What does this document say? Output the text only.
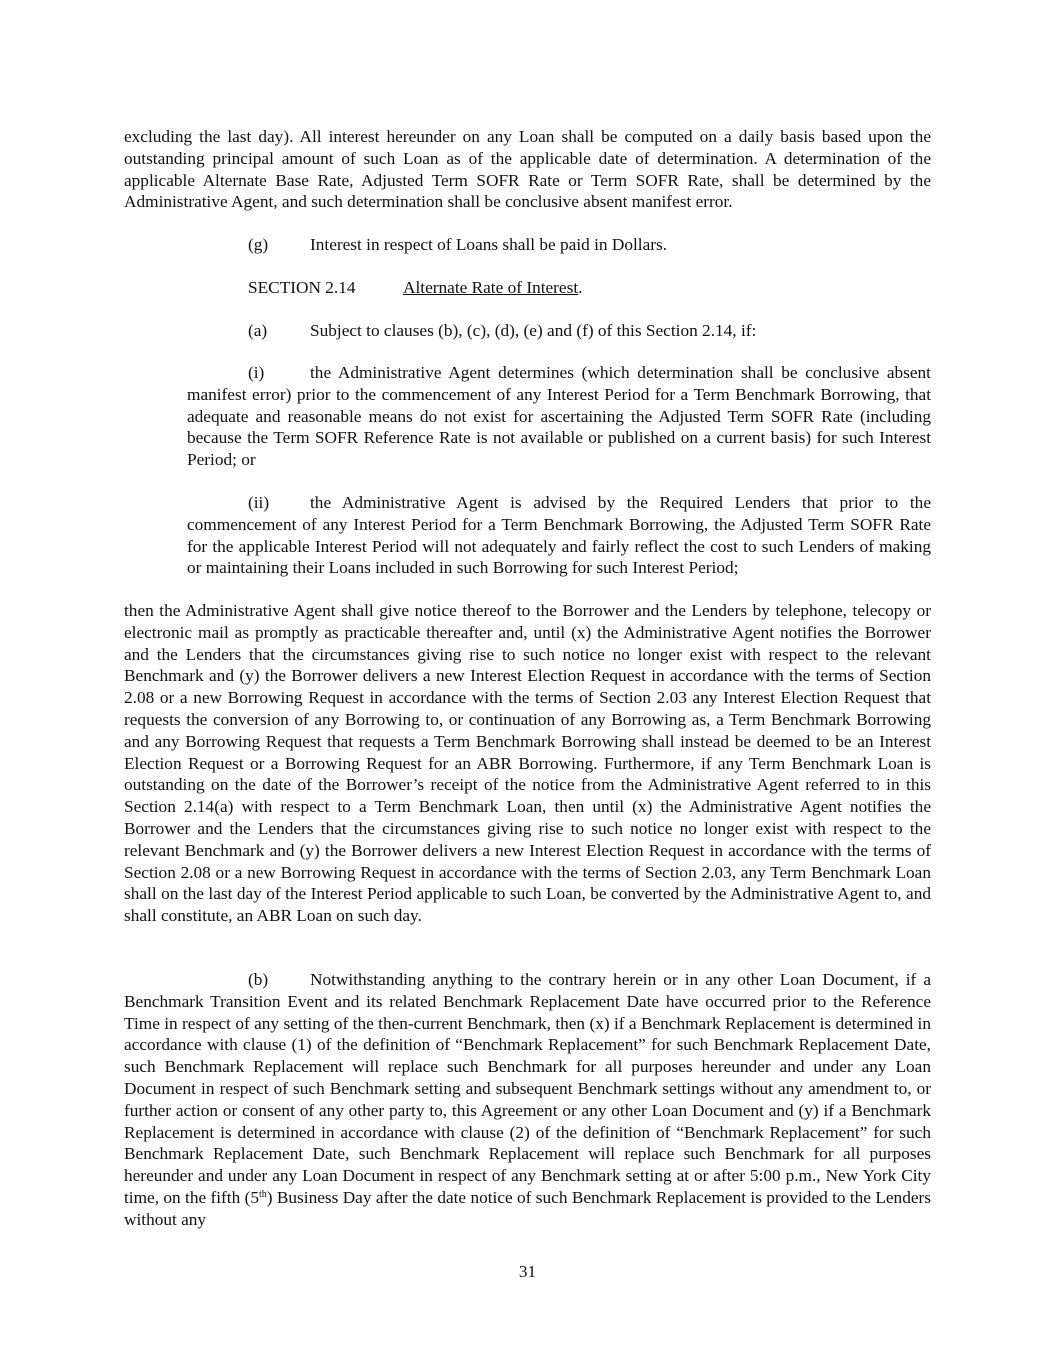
excluding the last day). All interest hereunder on any Loan shall be computed on a daily basis based upon the outstanding principal amount of such Loan as of the applicable date of determination. A determination of the applicable Alternate Base Rate, Adjusted Term SOFR Rate or Term SOFR Rate, shall be determined by the Administrative Agent, and such determination shall be conclusive absent manifest error.

(g) Interest in respect of Loans shall be paid in Dollars.
SECTION 2.14	Alternate Rate of Interest.
(a) Subject to clauses (b), (c), (d), (e) and (f) of this Section 2.14, if:

(i)	the Administrative Agent determines (which determination shall be conclusive absent manifest error) prior to the commencement of any Interest Period for a Term Benchmark Borrowing, that adequate and reasonable means do not exist for ascertaining the Adjusted Term SOFR Rate (including because the Term SOFR Reference Rate is not available or published on a current basis) for such Interest Period; or

(ii) the Administrative Agent is advised by the Required Lenders that prior to the commencement of any Interest Period for a Term Benchmark Borrowing, the Adjusted Term SOFR Rate for the applicable Interest Period will not adequately and fairly reflect the cost to such Lenders of making or maintaining their Loans included in such Borrowing for such Interest Period;

then the Administrative Agent shall give notice thereof to the Borrower and the Lenders by telephone, telecopy or electronic mail as promptly as practicable thereafter and, until (x) the Administrative Agent notifies the Borrower and the Lenders that the circumstances giving rise to such notice no longer exist with respect to the relevant Benchmark and (y) the Borrower delivers a new Interest Election Request in accordance with the terms of Section 2.08 or a new Borrowing Request in accordance with the terms of Section 2.03 any Interest Election Request that requests the conversion of any Borrowing to, or continuation of any Borrowing as, a Term Benchmark Borrowing and any Borrowing Request that requests a Term Benchmark Borrowing shall instead be deemed to be an Interest Election Request or a Borrowing Request for an ABR Borrowing. Furthermore, if any Term Benchmark Loan is outstanding on the date of the Borrower’s receipt of the notice from the Administrative Agent referred to in this Section 2.14(a) with respect to a Term Benchmark Loan, then until (x) the Administrative Agent notifies the Borrower and the Lenders that the circumstances giving rise to such notice no longer exist with respect to the relevant Benchmark and (y) the Borrower delivers a new Interest Election Request in accordance with the terms of Section 2.08 or a new Borrowing Request in accordance with the terms of Section 2.03, any Term Benchmark Loan shall on the last day of the Interest Period applicable to such Loan, be converted by the Administrative Agent to, and shall constitute, an ABR Loan on such day.

(b) Notwithstanding anything to the contrary herein or in any other Loan Document, if a Benchmark Transition Event and its related Benchmark Replacement Date have occurred prior to the Reference Time in respect of any setting of the then-current Benchmark, then (x) if a Benchmark Replacement is determined in accordance with clause (1) of the definition of “Benchmark Replacement” for such Benchmark Replacement Date, such Benchmark Replacement will replace such Benchmark for all purposes hereunder and under any Loan Document in respect of such Benchmark setting and subsequent Benchmark settings without any amendment to, or further action or consent of any other party to, this Agreement or any other Loan Document and (y) if a Benchmark Replacement is determined in accordance with clause (2) of the definition of “Benchmark Replacement” for such Benchmark Replacement Date, such Benchmark Replacement will replace such Benchmark for all purposes hereunder and under any Loan Document in respect of any Benchmark setting at or after 5:00 p.m., New York City time, on the fifth (5th) Business Day after the date notice of such Benchmark Replacement is provided to the Lenders without any

31
